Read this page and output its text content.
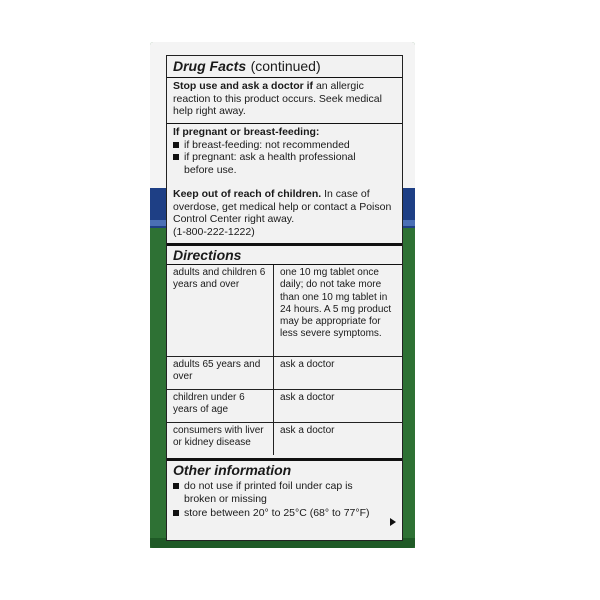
Drug Facts (continued)
Stop use and ask a doctor if an allergic reaction to this product occurs. Seek medical help right away.
If pregnant or breast-feeding:
if breast-feeding: not recommended
if pregnant: ask a health professional
before use.
Keep out of reach of children. In case of overdose, get medical help or contact a Poison Control Center right away.
(1-800-222-1222)
Directions
adults and children 6 years and over	one 10 mg tablet once daily; do not take more than one 10 mg tablet in 24 hours. A 5 mg product may be appropriate for less severe symptoms.
adults 65 years and over	ask a doctor
children under 6 years of age	ask a doctor
consumers with liver or kidney disease	ask a doctor
Other information
do not use if printed foil under cap is broken or missing
store between 20° to 25°C (68° to 77°F)
